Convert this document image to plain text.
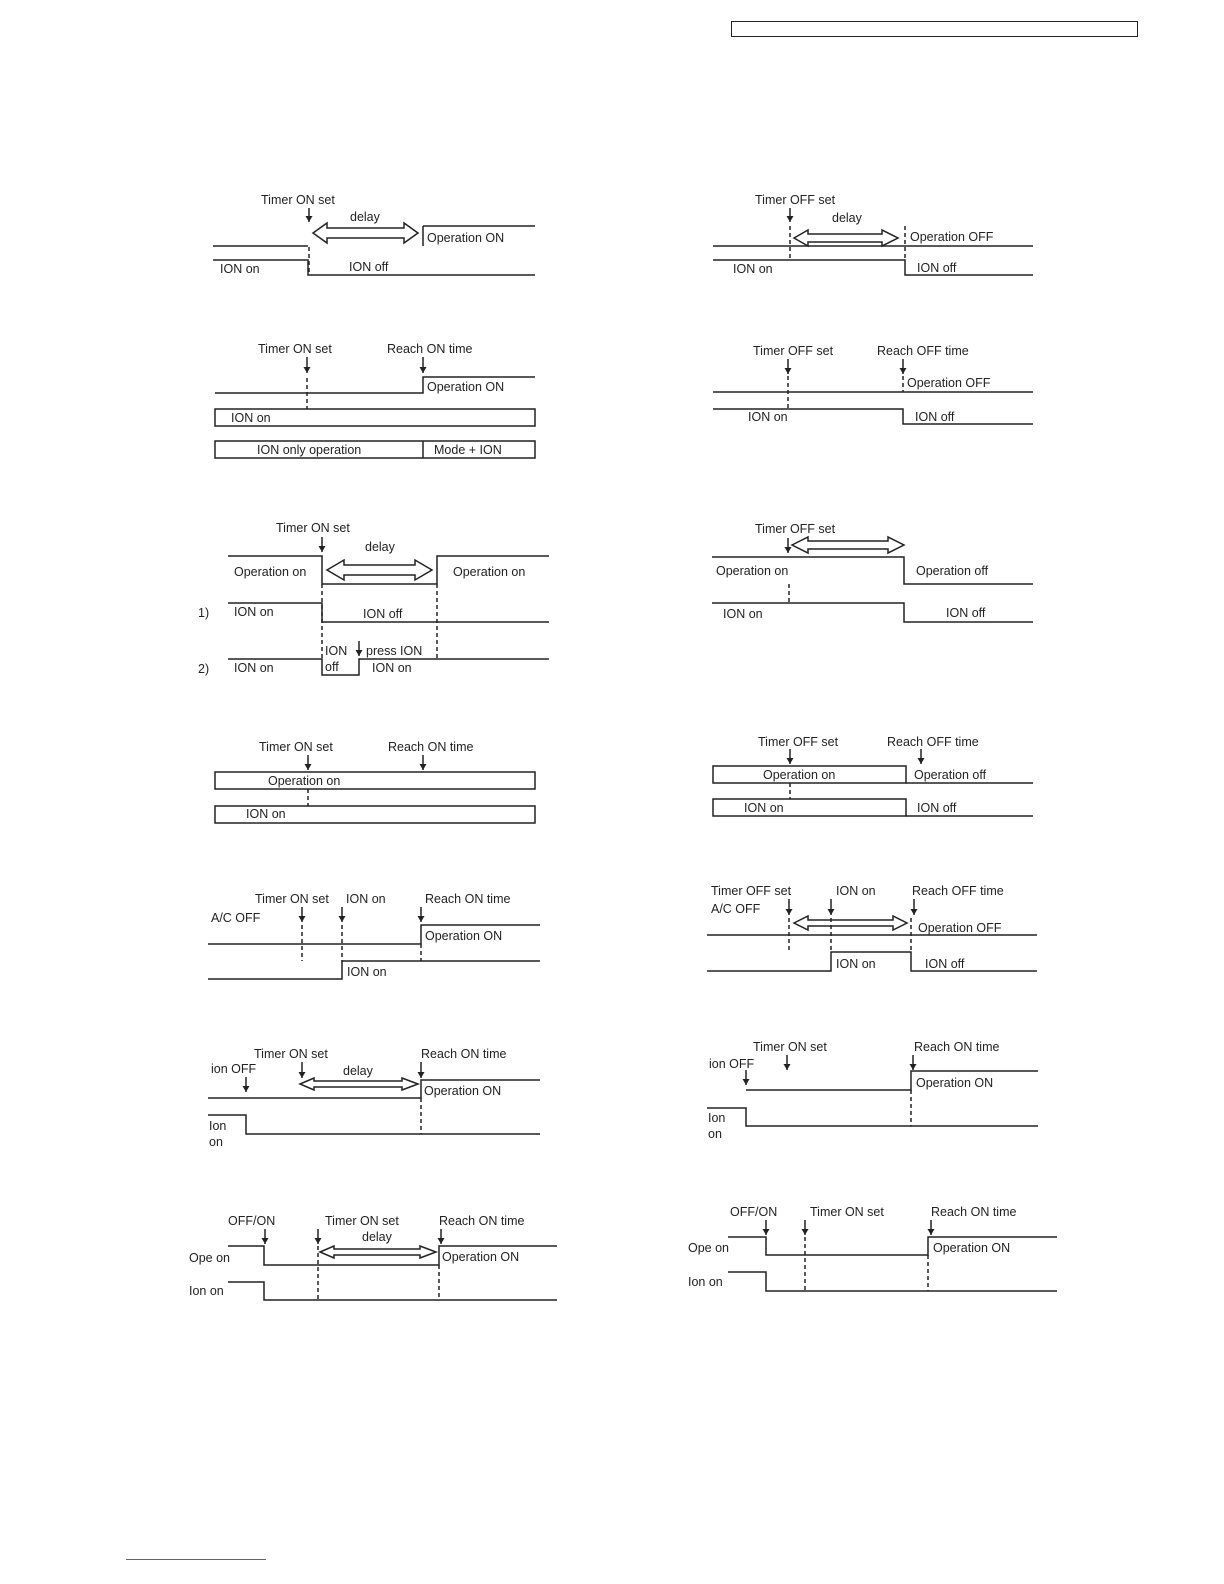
Timer ON set
delay
Operation ON
ION on	ION off
Timer OFF set
delay
Operation OFF
ION on	ION off
Timer ON set	Reach ON time
Operation ON
ION on
ION only operation	Mode + ION
Timer OFF set	Reach OFF time
Operation OFF
ION on	ION off
Timer ON set
delay
Operation on	Operation on
1) ION on	ION off
2) ION on
ION
off
press ION
ION on
Timer OFF set
Operation on	Operation off
ION on	ION off
Timer ON set	Reach ON time
Operation on
ION on
Timer OFF set	Reach OFF time
Operation on	Operation off
ION on	ION off
Timer ON set ION on	Reach ON time
A/C OFF
Operation ON
ION on
Timer OFF set
A/C OFF
ION on	Reach OFF time
Operation OFF
ION on	ION off
Timer ON set	Reach ON time
ion OFF	delay
Operation ON
Ion
on
Timer ON set	Reach ON time
ion OFF
Operation ON
Ion
on
OFF/ON	Timer ON set
delay
Reach ON time
Ope on	Operation ON
Ion on
OFF/ON	Timer ON set	Reach ON time
Ope on	Operation ON
Ion on
